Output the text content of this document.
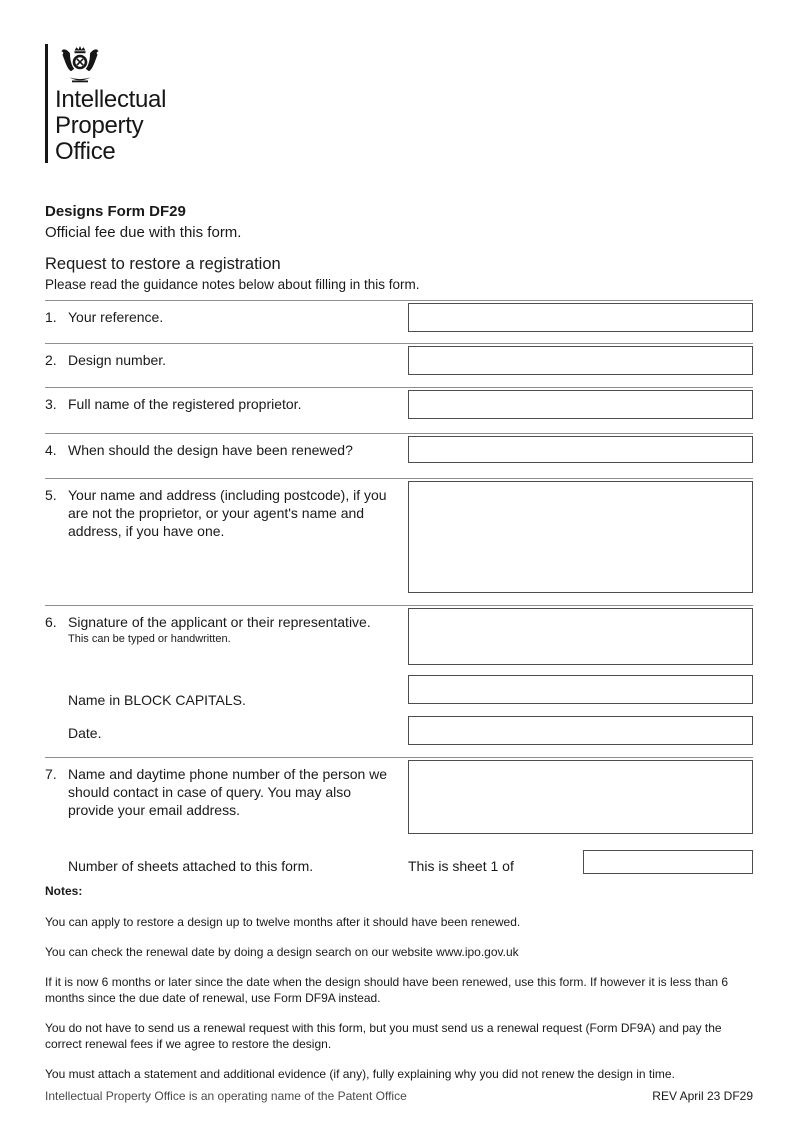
Intellectual
Property
Office
Designs Form DF29
Official fee due with this form.
Request to restore a registration
Please read the guidance notes below about filling in this form.
1. Your reference.
2. Design number.
3. Full name of the registered proprietor.
4. When should the design have been renewed?
5. Your name and address (including postcode), if you are not the proprietor, or your agent's name and address, if you have one.
6. Signature of the applicant or their representative.
This can be typed or handwritten.
Name in BLOCK CAPITALS.
Date.
7. Name and daytime phone number of the person we should contact in case of query. You may also provide your email address.
Number of sheets attached to this form.	This is sheet 1 of
Notes:

You can apply to restore a design up to twelve months after it should have been renewed.

You can check the renewal date by doing a design search on our website www.ipo.gov.uk

If it is now 6 months or later since the date when the design should have been renewed, use this form. If however it is less than 6 months since the due date of renewal, use Form DF9A instead.

You do not have to send us a renewal request with this form, but you must send us a renewal request (Form DF9A) and pay the correct renewal fees if we agree to restore the design.

You must attach a statement and additional evidence (if any), fully explaining why you did not renew the design in time.

Intellectual Property Office is an operating name of the Patent Office	REV April 23 DF29
